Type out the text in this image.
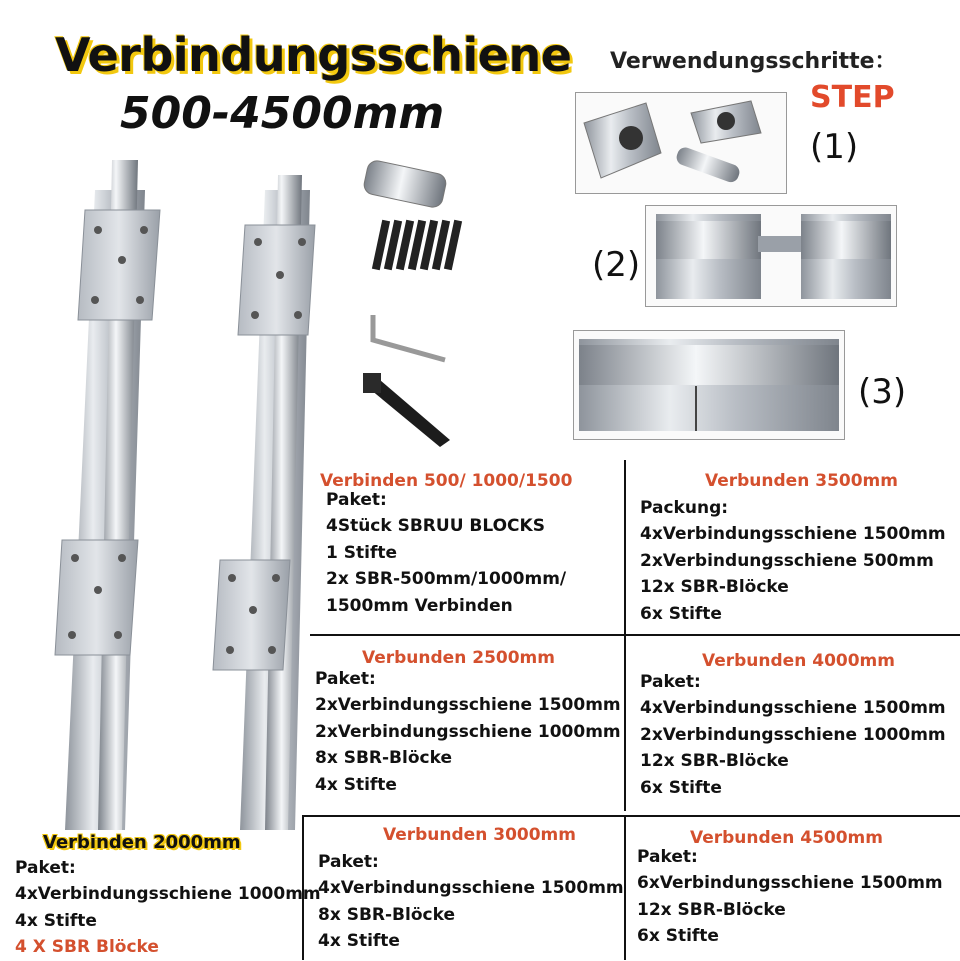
Verbindungsschiene
500-4500mm
Verwendungsschritte：
STEP
(1)
(2)
(3)
Verbinden 500/ 1000/1500
Paket:
4Stück SBRUU BLOCKS
1 Stifte
2x SBR-500mm/1000mm/
1500mm Verbinden
Verbunden 3500mm
Packung:
4xVerbindungsschiene 1500mm
2xVerbindungsschiene 500mm
12x SBR-Blöcke
6x Stifte
Verbunden 2500mm
Paket:
2xVerbindungsschiene 1500mm
2xVerbindungsschiene 1000mm
8x SBR-Blöcke
4x Stifte
Verbunden 4000mm
Paket:
4xVerbindungsschiene 1500mm
2xVerbindungsschiene 1000mm
12x SBR-Blöcke
6x Stifte
Verbinden 2000mm
Paket:
4xVerbindungsschiene 1000mm
4x Stifte
4 X SBR Blöcke
Verbunden 3000mm
Paket:
4xVerbindungsschiene 1500mm
8x SBR-Blöcke
4x Stifte
Verbunden 4500mm
Paket:
6xVerbindungsschiene 1500mm
12x SBR-Blöcke
6x Stifte
